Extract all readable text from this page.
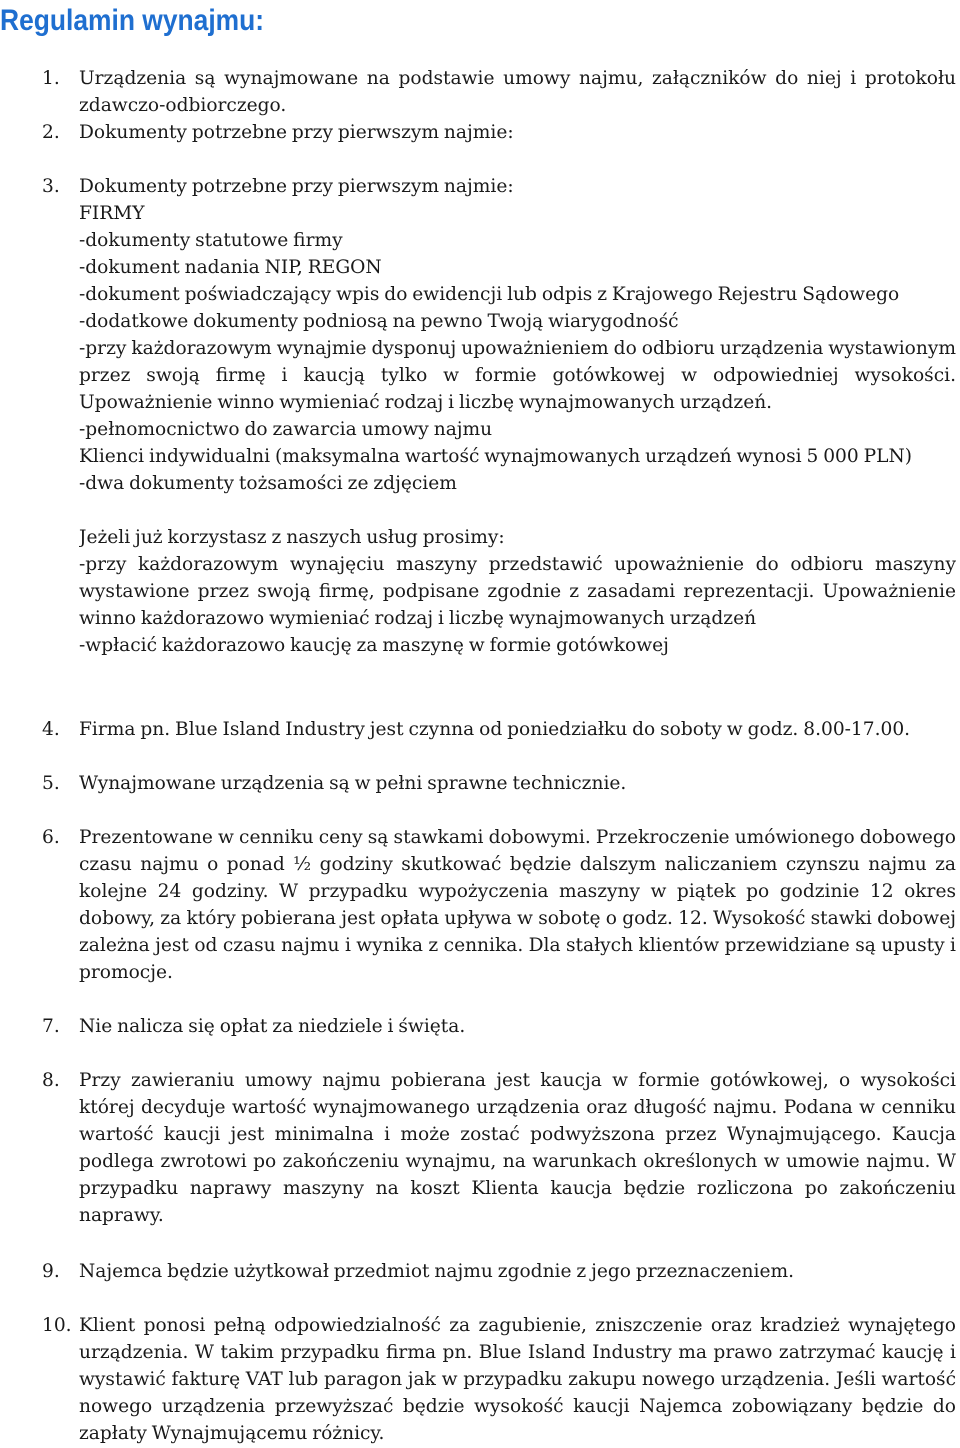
Regulamin wynajmu:
1. Urządzenia są wynajmowane na podstawie umowy najmu, załączników do niej i protokołu zdawczo-odbiorczego.
2. Dokumenty potrzebne przy pierwszym najmie:
3. Dokumenty potrzebne przy pierwszym najmie:
FIRMY
-dokumenty statutowe firmy
-dokument nadania NIP, REGON
-dokument poświadczający wpis do ewidencji lub odpis z Krajowego Rejestru Sądowego
-dodatkowe dokumenty podniosą na pewno Twoją wiarygodność
-przy każdorazowym wynajmie dysponuj upoważnieniem do odbioru urządzenia wystawionym przez swoją firmę i kaucją tylko w formie gotówkowej w odpowiedniej wysokości. Upoważnienie winno wymieniać rodzaj i liczbę wynajmowanych urządzeń.
-pełnomocnictwo do zawarcia umowy najmu
Klienci indywidualni (maksymalna wartość wynajmowanych urządzeń wynosi 5 000 PLN)
-dwa dokumenty tożsamości ze zdjęciem
Jeżeli już korzystasz z naszych usług prosimy:
-przy każdorazowym wynajęciu maszyny przedstawić upoważnienie do odbioru maszyny wystawione przez swoją firmę, podpisane zgodnie z zasadami reprezentacji. Upoważnienie winno każdorazowo wymieniać rodzaj i liczbę wynajmowanych urządzeń
-wpłacić każdorazowo kaucję za maszynę w formie gotówkowej
4. Firma pn. Blue Island Industry jest czynna od poniedziałku do soboty w godz. 8.00-17.00.
5. Wynajmowane urządzenia są w pełni sprawne technicznie.
6. Prezentowane w cenniku ceny są stawkami dobowymi. Przekroczenie umówionego dobowego czasu najmu o ponad ½ godziny skutkować będzie dalszym naliczaniem czynszu najmu za kolejne 24 godziny. W przypadku wypożyczenia maszyny w piątek po godzinie 12 okres dobowy, za który pobierana jest opłata upływa w sobotę o godz. 12. Wysokość stawki dobowej zależna jest od czasu najmu i wynika z cennika. Dla stałych klientów przewidziane są upusty i promocje.
7. Nie nalicza się opłat za niedziele i święta.
8. Przy zawieraniu umowy najmu pobierana jest kaucja w formie gotówkowej, o wysokości której decyduje wartość wynajmowanego urządzenia oraz długość najmu. Podana w cenniku wartość kaucji jest minimalna i może zostać podwyższona przez Wynajmującego. Kaucja podlega zwrotowi po zakończeniu wynajmu, na warunkach określonych w umowie najmu. W przypadku naprawy maszyny na koszt Klienta kaucja będzie rozliczona po zakończeniu naprawy.
9. Najemca będzie użytkował przedmiot najmu zgodnie z jego przeznaczeniem.
10. Klient ponosi pełną odpowiedzialność za zagubienie, zniszczenie oraz kradzież wynajętego urządzenia. W takim przypadku firma pn. Blue Island Industry ma prawo zatrzymać kaucję i wystawić fakturę VAT lub paragon jak w przypadku zakupu nowego urządzenia. Jeśli wartość nowego urządzenia przewyższać będzie wysokość kaucji Najemca zobowiązany będzie do zapłaty Wynajmującemu różnicy.
